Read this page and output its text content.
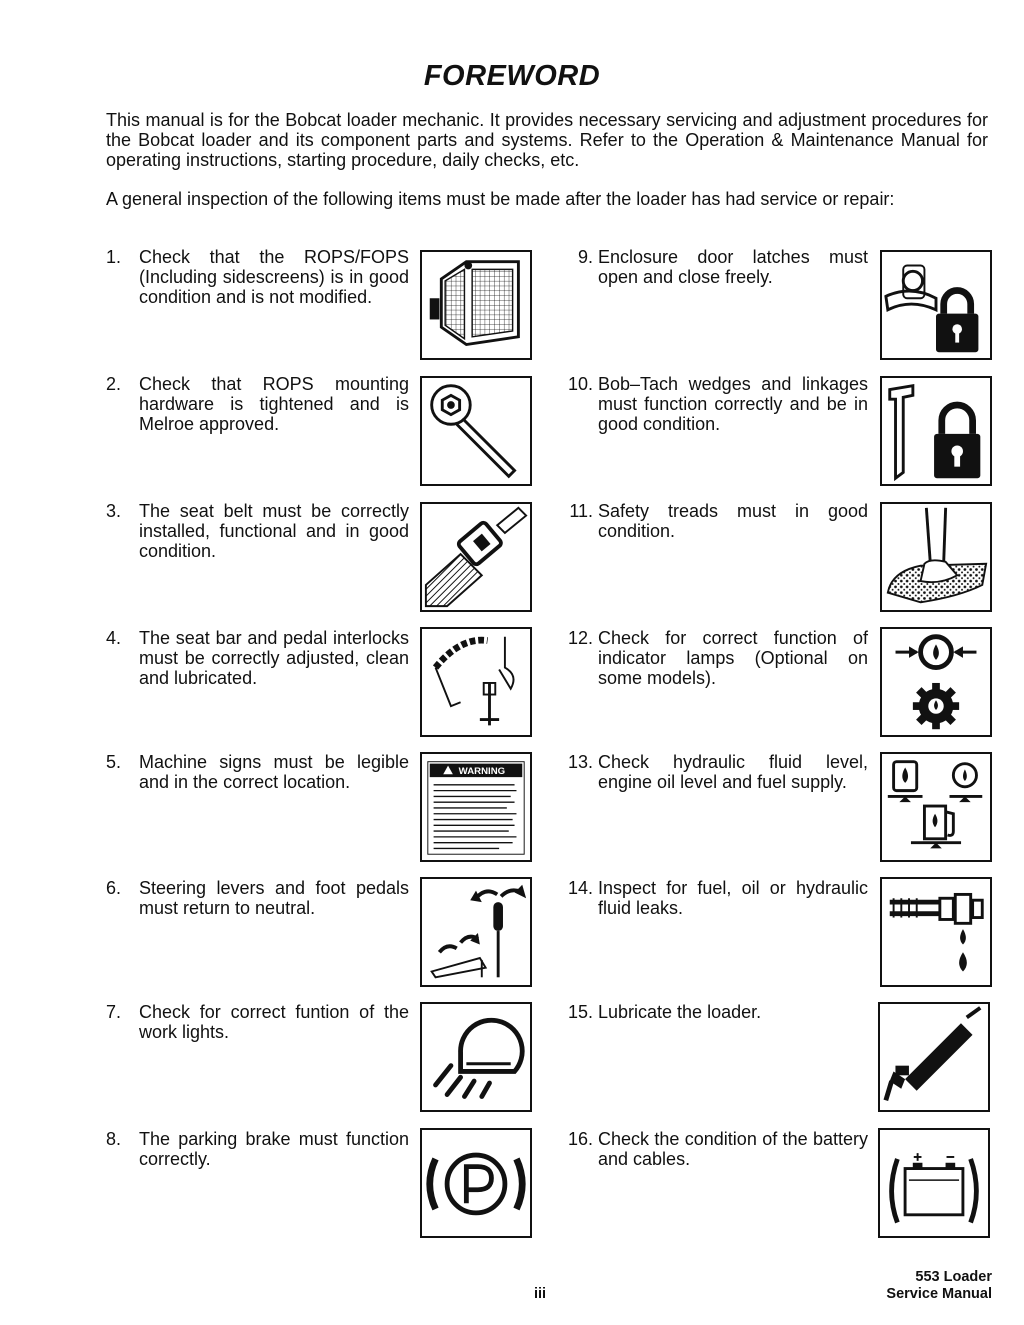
FOREWORD
This manual is for the Bobcat loader mechanic. It provides necessary servicing and adjustment procedures for the Bobcat loader and its component parts and systems. Refer to the Operation & Maintenance Manual for operating instructions, starting procedure, daily checks, etc.
A general inspection of the following items must be made after the loader has had service or repair:
1. Check that the ROPS/FOPS (Including sidescreens) is in good condition and is not modified.
2. Check that ROPS mounting hardware is tightened and is Melroe approved.
3. The seat belt must be correctly installed, functional and in good condition.
4. The seat bar and pedal interlocks must be correctly adjusted, clean and lubricated.
5. Machine signs must be legible and in the correct location.
6. Steering levers and foot pedals must return to neutral.
7. Check for correct funtion of the work lights.
8. The parking brake must function correctly.
9. Enclosure door latches must open and close freely.
10. Bob–Tach wedges and linkages must function correctly and be in good condition.
11. Safety treads must in good condition.
12. Check for correct function of indicator lamps (Optional on some models).
13. Check hydraulic fluid level, engine oil level and fuel supply.
14. Inspect for fuel, oil or hydraulic fluid leaks.
15. Lubricate the loader.
16. Check the condition of the battery and cables.
WARNING
iii
553 Loader
Service Manual
